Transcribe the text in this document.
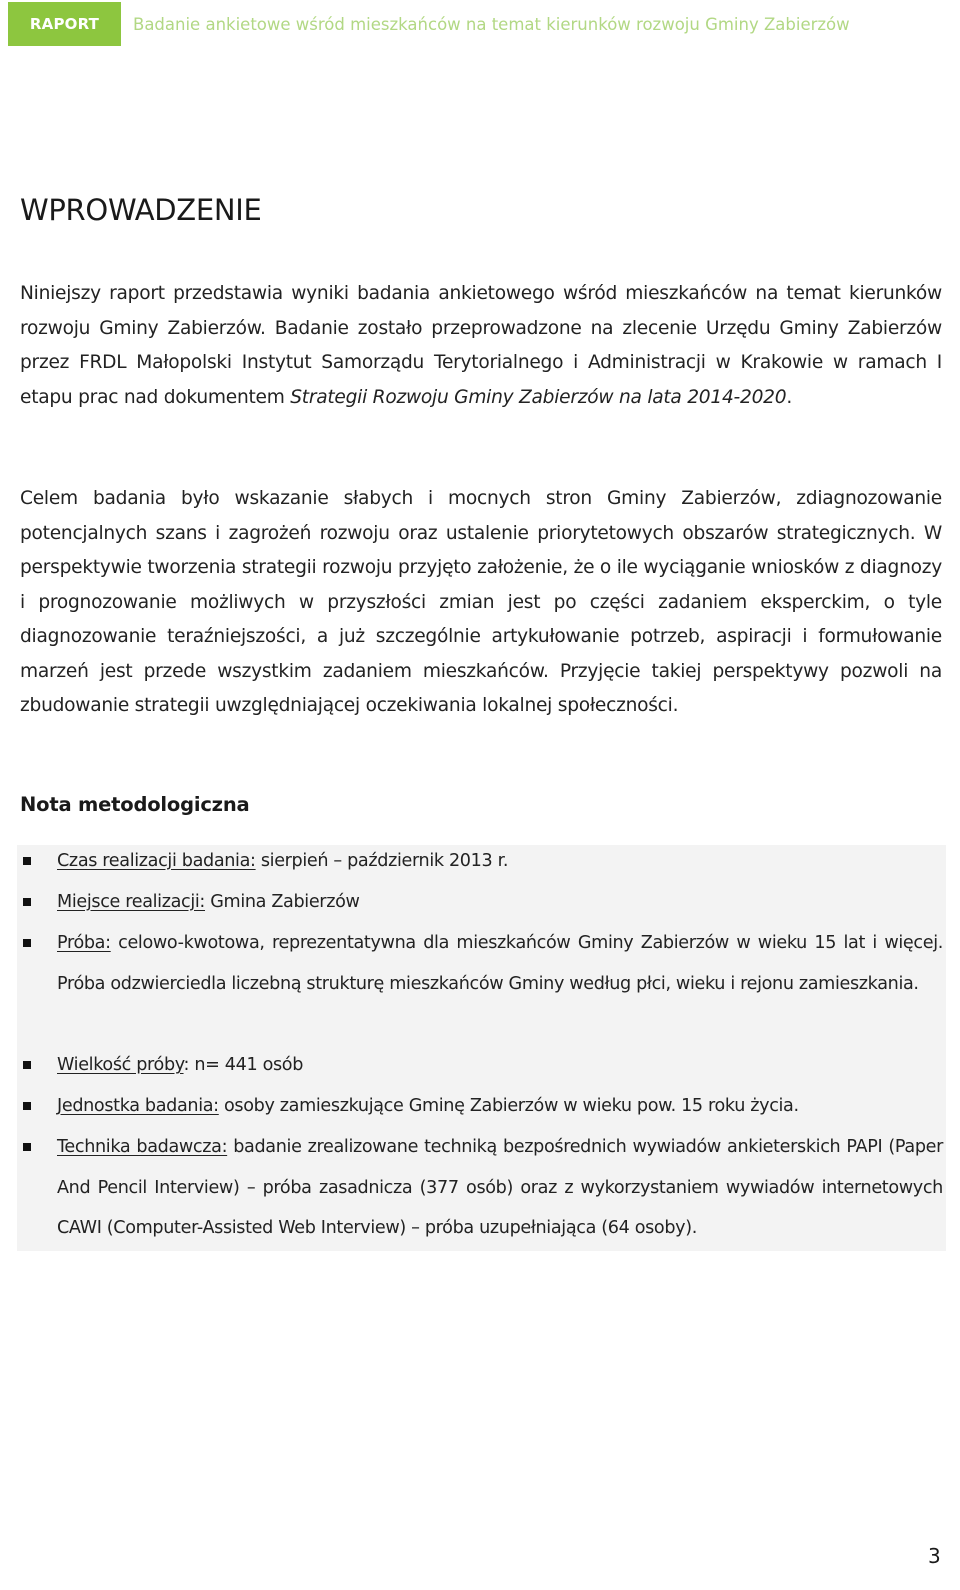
RAPORT	Badanie ankietowe wśród mieszkańców na temat kierunków rozwoju Gminy Zabierzów
WPROWADZENIE

Niniejszy raport przedstawia wyniki badania ankietowego wśród mieszkańców na temat kierunków rozwoju Gminy Zabierzów. Badanie zostało przeprowadzone na zlecenie Urzędu Gminy Zabierzów przez FRDL Małopolski Instytut Samorządu Terytorialnego i Administracji w Krakowie w ramach I etapu prac nad dokumentem Strategii Rozwoju Gminy Zabierzów na lata 2014-2020.

Celem badania było wskazanie słabych i mocnych stron Gminy Zabierzów, zdiagnozowanie potencjalnych szans i zagrożeń rozwoju oraz ustalenie priorytetowych obszarów strategicznych. W perspektywie tworzenia strategii rozwoju przyjęto założenie, że o ile wyciąganie wniosków z diagnozy i prognozowanie możliwych w przyszłości zmian jest po części zadaniem eksperckim, o tyle diagnozowanie teraźniejszości, a już szczególnie artykułowanie potrzeb, aspiracji i formułowanie marzeń jest przede wszystkim zadaniem mieszkańców. Przyjęcie takiej perspektywy pozwoli na zbudowanie strategii uwzględniającej oczekiwania lokalnej społeczności.

Nota metodologiczna
Czas realizacji badania: sierpień – październik 2013 r.
Miejsce realizacji: Gmina Zabierzów
Próba: celowo-kwotowa, reprezentatywna dla mieszkańców Gminy Zabierzów w wieku 15 lat i więcej. Próba odzwierciedla liczebną strukturę mieszkańców Gminy według płci, wieku i rejonu zamieszkania.
Wielkość próby: n= 441 osób
Jednostka badania: osoby zamieszkujące Gminę Zabierzów w wieku pow. 15 roku życia.
Technika badawcza: badanie zrealizowane techniką bezpośrednich wywiadów ankieterskich PAPI (Paper And Pencil Interview) – próba zasadnicza (377 osób) oraz z wykorzystaniem wywiadów internetowych CAWI (Computer-Assisted Web Interview) – próba uzupełniająca (64 osoby).
3
